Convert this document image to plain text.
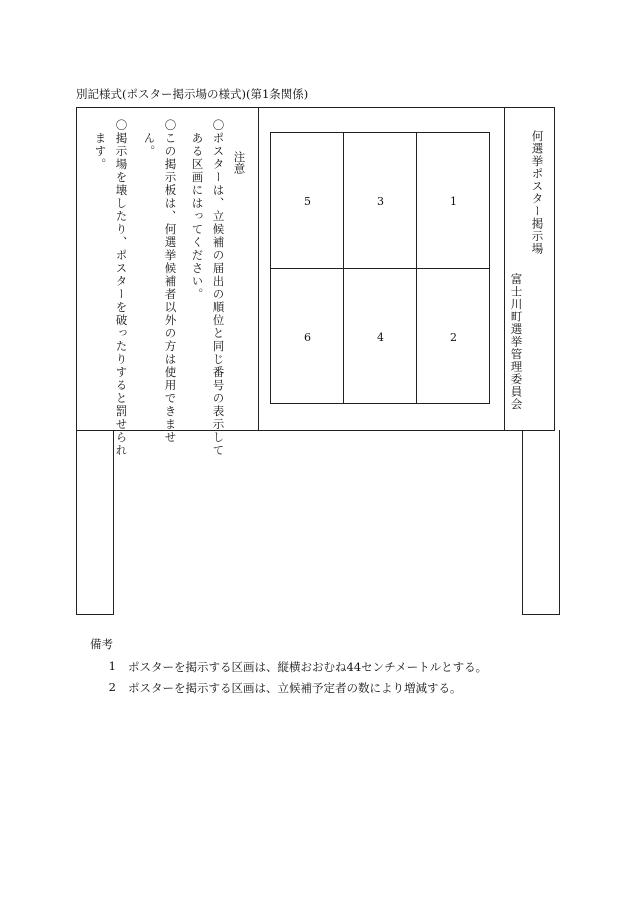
別記様式(ポスター掲示場の様式)(第1条関係)
注意
〇ポスターは、立候補の届出の順位と同じ番号の表示して
ある区画にはってください。
〇この掲示板は、何選挙候補者以外の方は使用できませ
ん。
〇掲示場を壊したり、ポスターを破ったりすると罰せられ
ます。
5	3	1
6	4	2
何選挙ポスター掲示場
富士川町選挙管理委員会
備考
1 ポスターを掲示する区画は、縦横おおむね44センチメートルとする。
2 ポスターを掲示する区画は、立候補予定者の数により増減する。
